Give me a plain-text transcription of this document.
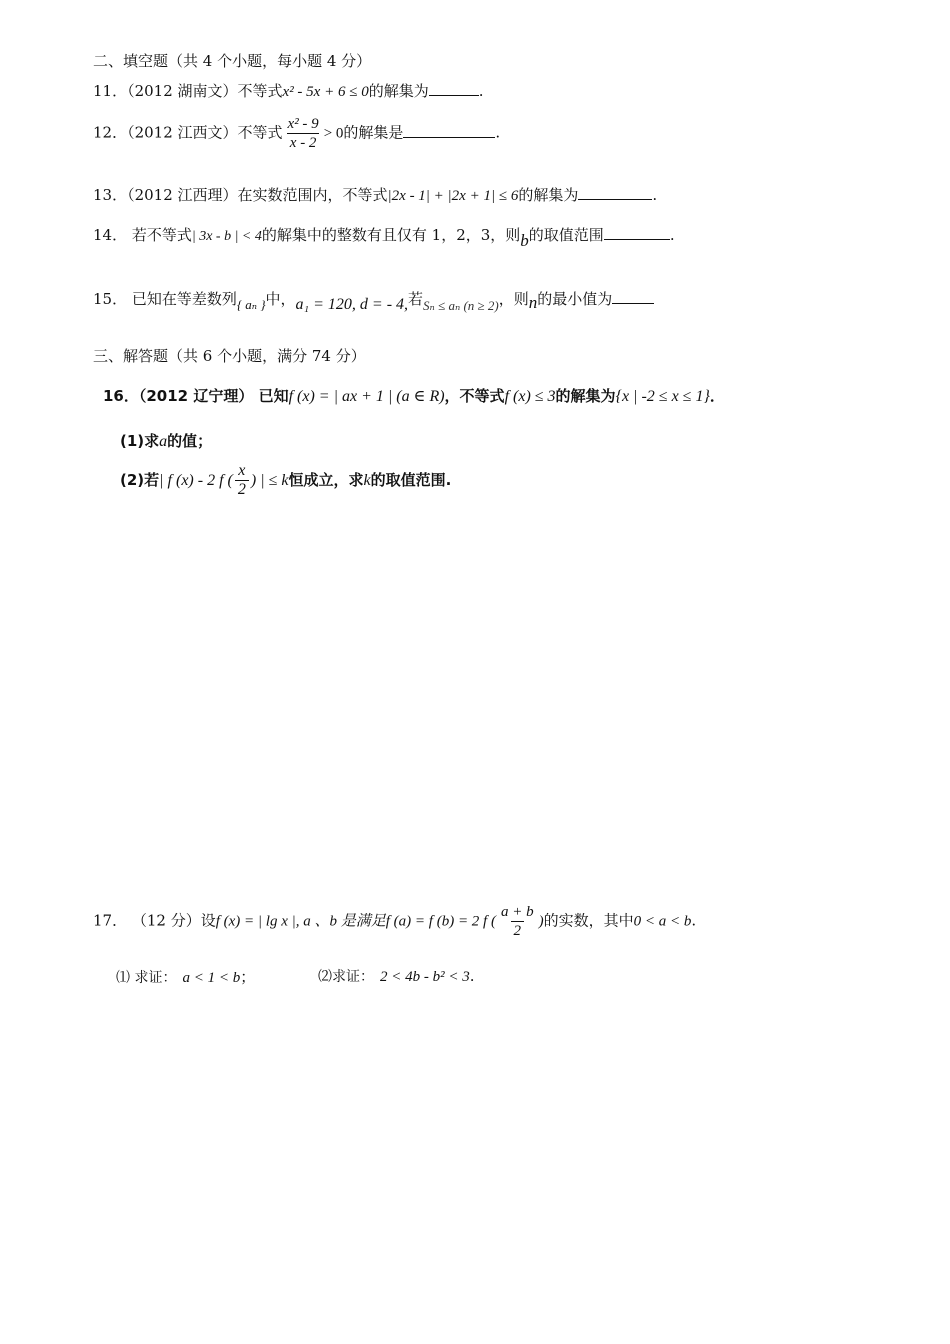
二、填空题（共 4 个小题，每小题 4 分）
11．（2012 湖南文）不等式x² - 5x + 6 ≤ 0的解集为	.
12．（2012 江西文）不等式 $\frac{\text{x² - 9}}{x - 2} > 0$的解集是	.
13．（2012 江西理）在实数范围内，不等式|2x - 1| + |2x + 1| ≤ 6的解集为	.
14． 若不等式| 3x - b | < 4的解集中的整数有且仅有 1，2，3，则b的取值范围	.
15． 已知在等差数列{ aₙ }中，a₁ = 120, d = - 4,若Sₙ ≤ aₙ (n ≥ 2)，则n的最小值为
三、解答题（共 6 个小题，满分 74 分）
16．（2012 辽宁理） 已知f (x) = | ax + 1 | (a ∈ R)，不等式f (x) ≤ 3的解集为{x | -2 ≤ x ≤ 1}．
(1)求a的值；
(2)若| f (x) - 2 f ( $\frac{x}{2}$ ) | ≤ k恒成立，求k的取值范围.
17． （12 分）设f (x) = | lg x |, a 、b 是满足f (a) = f (b) = 2 f ( $\frac{a + b}{2}$ )的实数，其中0 < a < b.
⑴ 求证： a < 1 < b；	⑵求证： 2 < 4b - b² < 3.
